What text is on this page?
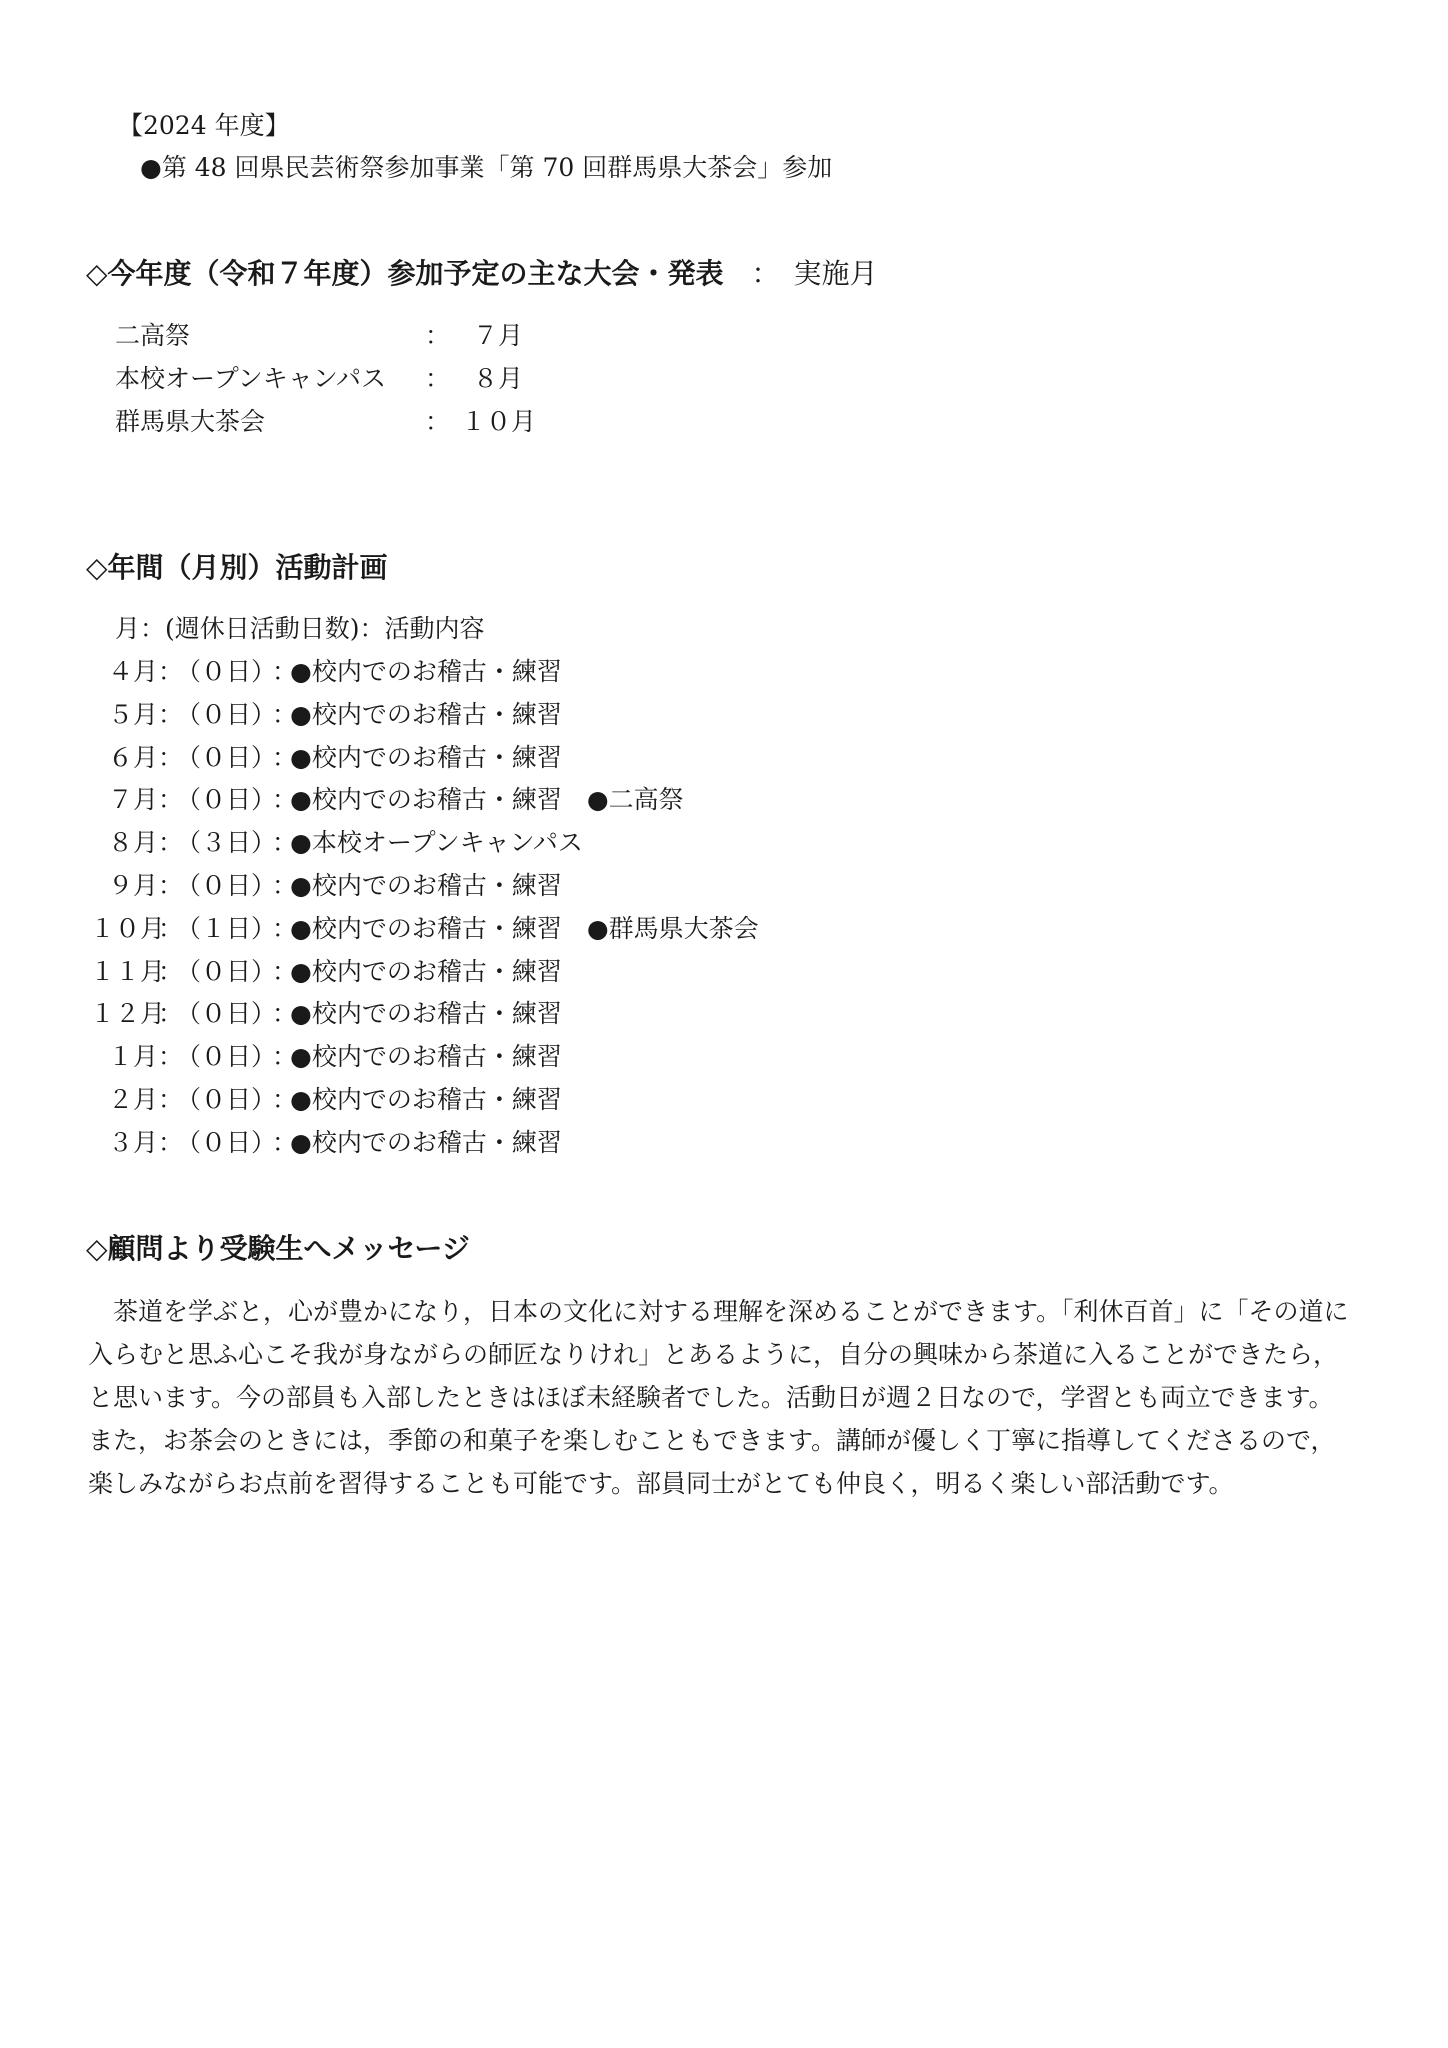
【2024 年度】
●第 48 回県民芸術祭参加事業「第 70 回群馬県大茶会」参加
◇今年度（令和７年度）参加予定の主な大会・発表 ：　実施月
二高祭	： ７月
本校オープンキャンパス ： ８月
群馬県大茶会	： １０月
◇年間（月別）活動計画
月：(週休日活動日数)：活動内容
４月：（０日）：●校内でのお稽古・練習
５月：（０日）：●校内でのお稽古・練習
６月：（０日）：●校内でのお稽古・練習
７月：（０日）：●校内でのお稽古・練習　●二高祭
８月：（３日）：●本校オープンキャンパス
９月：（０日）：●校内でのお稽古・練習
１０月：（１日）：●校内でのお稽古・練習　●群馬県大茶会
１１月：（０日）：●校内でのお稽古・練習
１２月：（０日）：●校内でのお稽古・練習
１月：（０日）：●校内でのお稽古・練習
２月：（０日）：●校内でのお稽古・練習
３月：（０日）：●校内でのお稽古・練習
◇顧問より受験生へメッセージ
　茶道を学ぶと，心が豊かになり，日本の文化に対する理解を深めることができます。「利休百首」に「その道に
入らむと思ふ心こそ我が身ながらの師匠なりけれ」とあるように，自分の興味から茶道に入ることができたら，
と思います。今の部員も入部したときはほぼ未経験者でした。活動日が週２日なので，学習とも両立できます。
また，お茶会のときには，季節の和菓子を楽しむこともできます。講師が優しく丁寧に指導してくださるので，
楽しみながらお点前を習得することも可能です。部員同士がとても仲良く，明るく楽しい部活動です。
